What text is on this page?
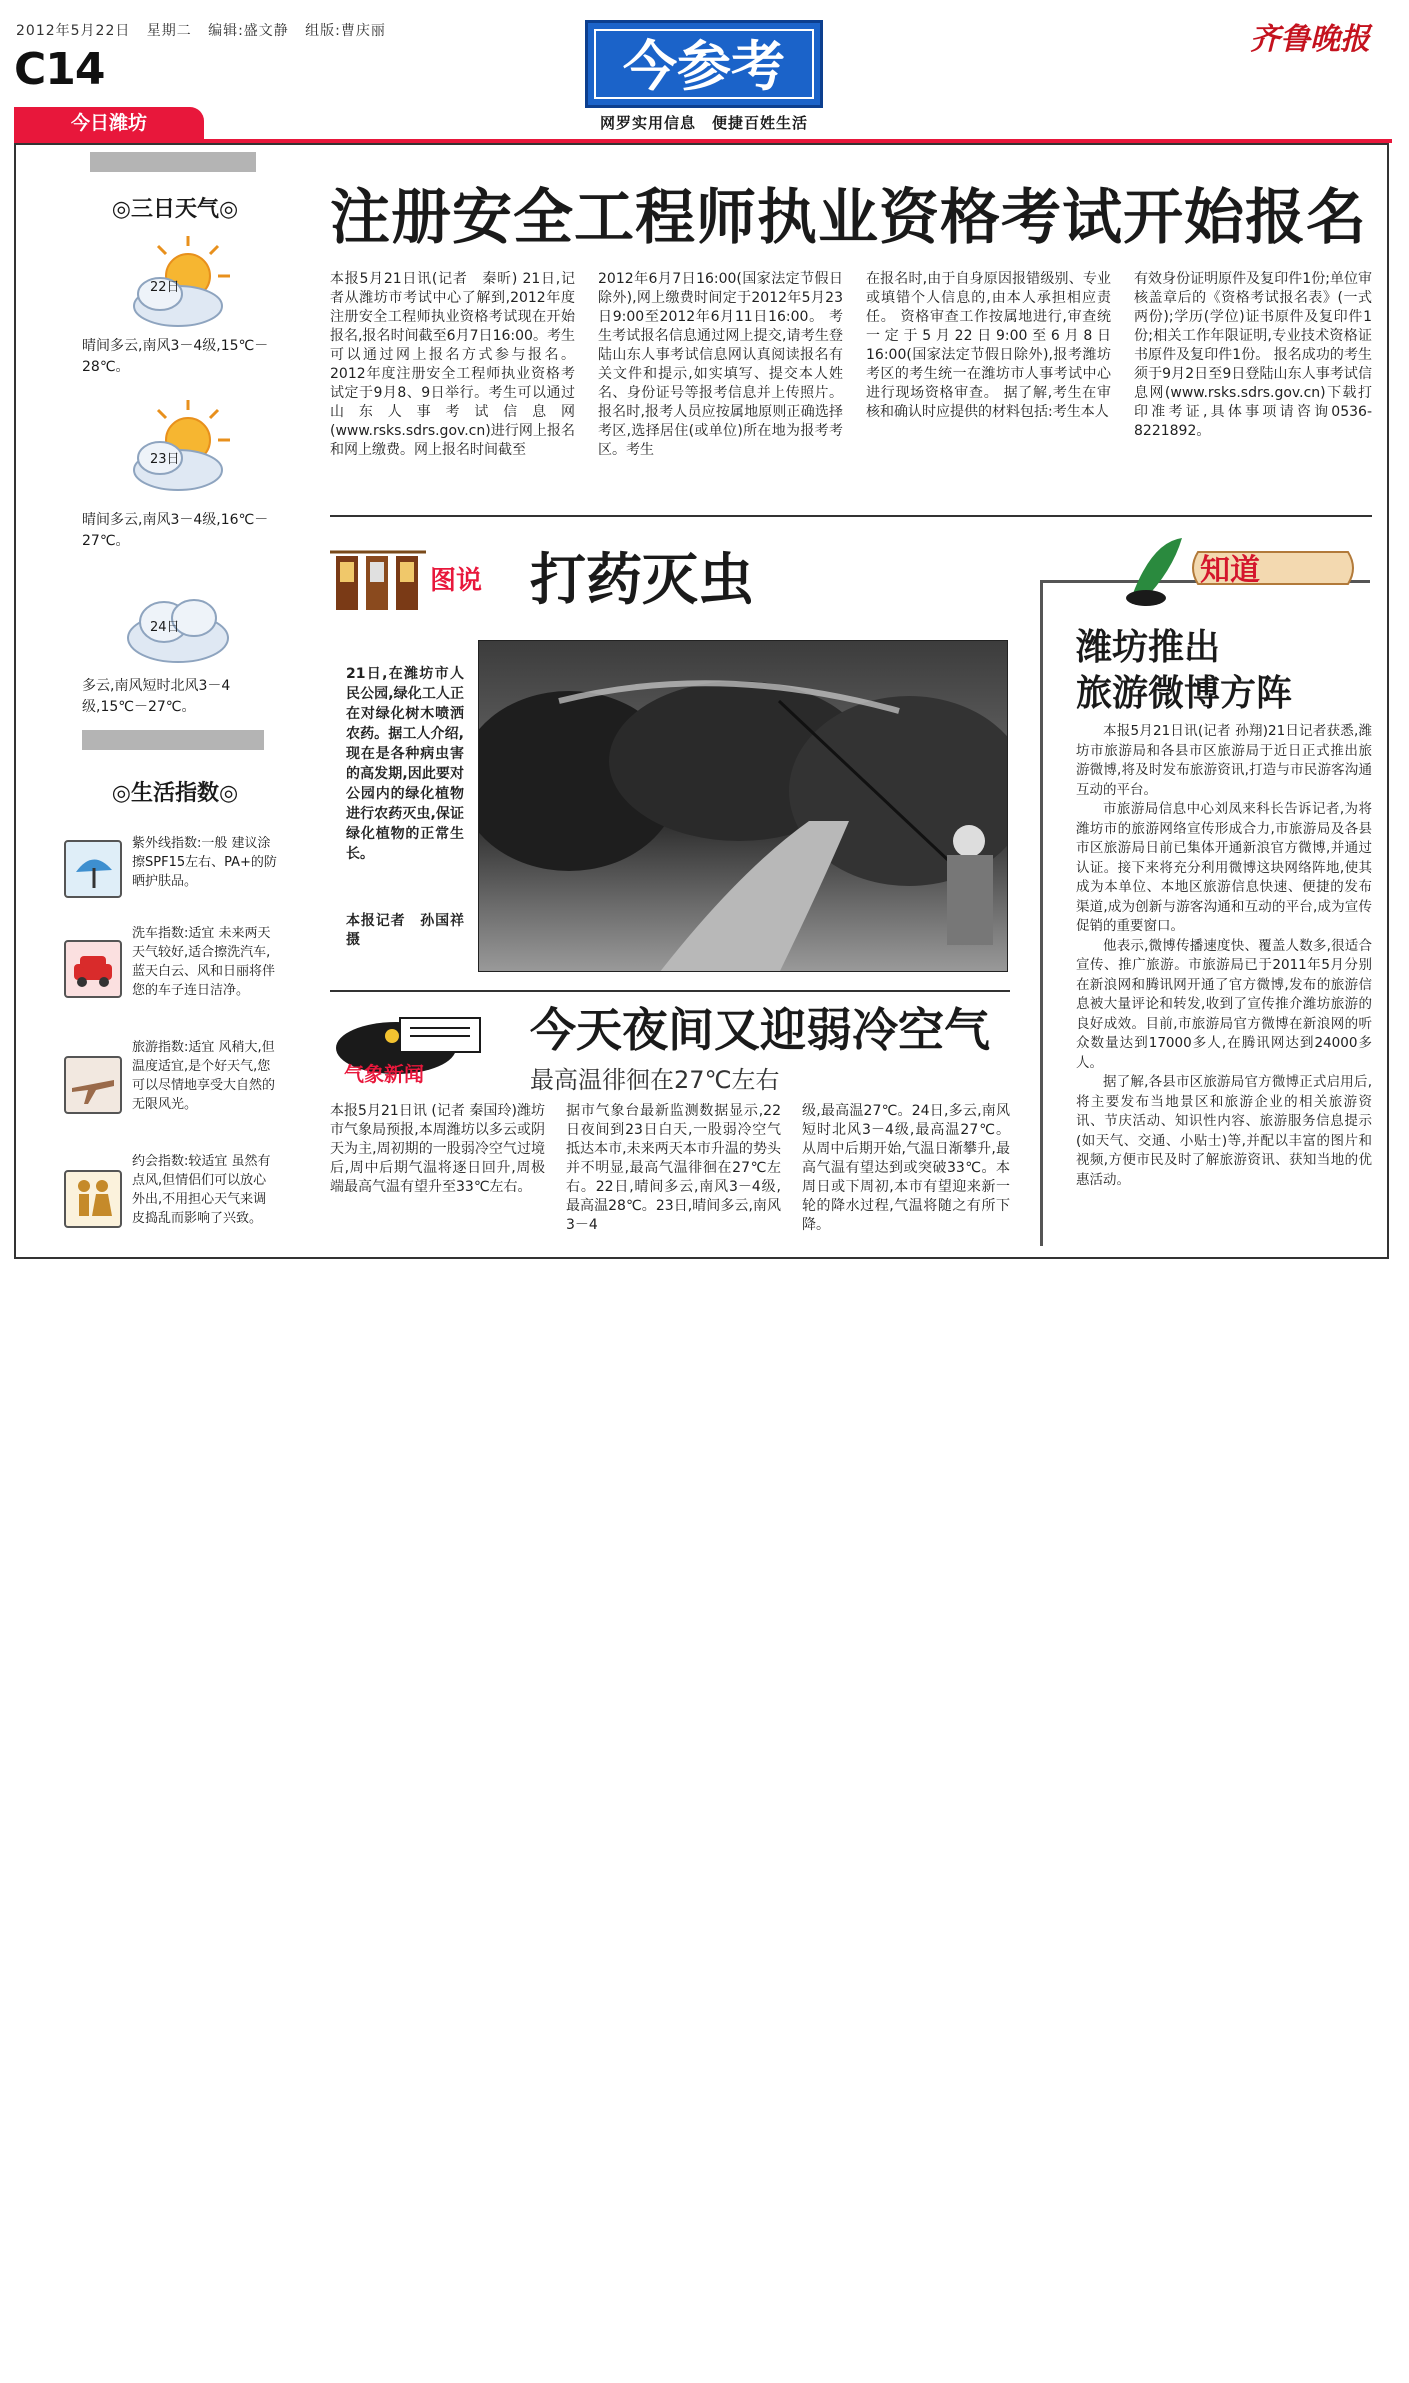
2012年5月22日 星期二 编辑:盛文静 组版:曹庆丽
C14
今日潍坊
今参考
网罗实用信息　便捷百姓生活
齐鲁晚报
◎三日天气◎
22日
晴间多云,南风3－4级,15℃－28℃。
23日
晴间多云,南风3－4级,16℃－27℃。
24日
多云,南风短时北风3－4级,15℃－27℃。
◎生活指数◎
紫外线指数:一般 建议涂擦SPF15左右、PA+的防晒护肤品。
洗车指数:适宜 未来两天天气较好,适合擦洗汽车,蓝天白云、风和日丽将伴您的车子连日洁净。
旅游指数:适宜 风稍大,但温度适宜,是个好天气,您可以尽情地享受大自然的无限风光。
约会指数:较适宜 虽然有点风,但情侣们可以放心外出,不用担心天气来调皮捣乱而影响了兴致。
注册安全工程师执业资格考试开始报名
本报5月21日讯(记者　秦昕) 21日,记者从潍坊市考试中心了解到,2012年度注册安全工程师执业资格考试现在开始报名,报名时间截至6月7日16:00。考生可以通过网上报名方式参与报名。 2012年度注册安全工程师执业资格考试定于9月8、9日举行。考生可以通过山东人事考试信息网(www.rsks.sdrs.gov.cn)进行网上报名和网上缴费。网上报名时间截至
2012年6月7日16:00(国家法定节假日除外),网上缴费时间定于2012年5月23日9:00至2012年6月11日16:00。 考生考试报名信息通过网上提交,请考生登陆山东人事考试信息网认真阅读报名有关文件和提示,如实填写、提交本人姓名、身份证号等报考信息并上传照片。报名时,报考人员应按属地原则正确选择考区,选择居住(或单位)所在地为报考考区。考生
在报名时,由于自身原因报错级别、专业或填错个人信息的,由本人承担相应责任。 资格审查工作按属地进行,审查统一定于5月22日9:00至6月8日16:00(国家法定节假日除外),报考潍坊考区的考生统一在潍坊市人事考试中心进行现场资格审查。 据了解,考生在审核和确认时应提供的材料包括:考生本人
有效身份证明原件及复印件1份;单位审核盖章后的《资格考试报名表》(一式两份);学历(学位)证书原件及复印件1份;相关工作年限证明,专业技术资格证书原件及复印件1份。 报名成功的考生须于9月2日至9日登陆山东人事考试信息网(www.rsks.sdrs.gov.cn)下载打印准考证,具体事项请咨询0536-8221892。
图说 打药灭虫
21日,在潍坊市人民公园,绿化工人正在对绿化树木喷洒农药。据工人介绍,现在是各种病虫害的高发期,因此要对公园内的绿化植物进行农药灭虫,保证绿化植物的正常生长。
本报记者　孙国祥　摄
气象新闻
今天夜间又迎弱冷空气
最高温徘徊在27℃左右
本报5月21日讯 (记者 秦国玲)潍坊市气象局预报,本周潍坊以多云或阴天为主,周初期的一股弱冷空气过境后,周中后期气温将逐日回升,周极端最高气温有望升至33℃左右。
据市气象台最新监测数据显示,22日夜间到23日白天,一股弱冷空气抵达本市,未来两天本市升温的势头并不明显,最高气温徘徊在27℃左右。22日,晴间多云,南风3－4级,最高温28℃。23日,晴间多云,南风3－4
级,最高温27℃。24日,多云,南风短时北风3－4级,最高温27℃。从周中后期开始,气温日渐攀升,最高气温有望达到或突破33℃。本周日或下周初,本市有望迎来新一轮的降水过程,气温将随之有所下降。
知道
潍坊推出
旅游微博方阵
本报5月21日讯(记者 孙翔)21日记者获悉,潍坊市旅游局和各县市区旅游局于近日正式推出旅游微博,将及时发布旅游资讯,打造与市民游客沟通互动的平台。
市旅游局信息中心刘凤来科长告诉记者,为将潍坊市的旅游网络宣传形成合力,市旅游局及各县市区旅游局日前已集体开通新浪官方微博,并通过认证。接下来将充分利用微博这块网络阵地,使其成为本单位、本地区旅游信息快速、便捷的发布渠道,成为创新与游客沟通和互动的平台,成为宣传促销的重要窗口。
他表示,微博传播速度快、覆盖人数多,很适合宣传、推广旅游。市旅游局已于2011年5月分别在新浪网和腾讯网开通了官方微博,发布的旅游信息被大量评论和转发,收到了宣传推介潍坊旅游的良好成效。目前,市旅游局官方微博在新浪网的听众数量达到17000多人,在腾讯网达到24000多人。
据了解,各县市区旅游局官方微博正式启用后,将主要发布当地景区和旅游企业的相关旅游资讯、节庆活动、知识性内容、旅游服务信息提示(如天气、交通、小贴士)等,并配以丰富的图片和视频,方便市民及时了解旅游资讯、获知当地的优惠活动。
